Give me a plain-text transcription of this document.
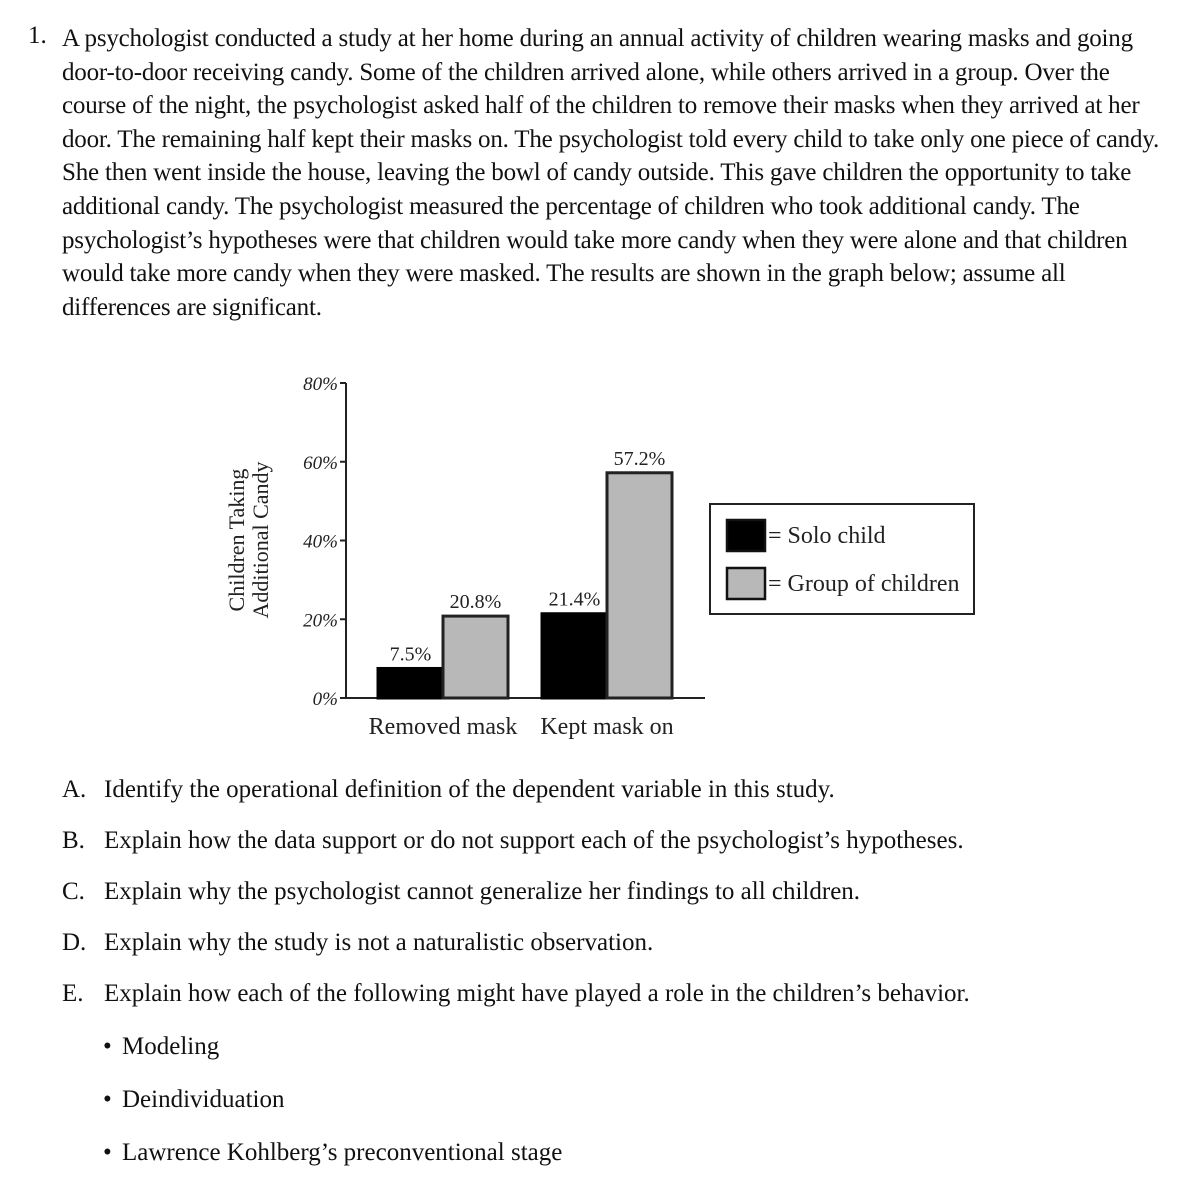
1. A psychologist conducted a study at her home during an annual activity of children wearing masks and going door-to-door receiving candy. Some of the children arrived alone, while others arrived in a group. Over the course of the night, the psychologist asked half of the children to remove their masks when they arrived at her door. The remaining half kept their masks on. The psychologist told every child to take only one piece of candy. She then went inside the house, leaving the bowl of candy outside. This gave children the opportunity to take additional candy. The psychologist measured the percentage of children who took additional candy. The psychologist’s hypotheses were that children would take more candy when they were alone and that children would take more candy when they were masked. The results are shown in the graph below; assume all differences are significant.

0%
20%
40%
60%
80%
Children Taking Additional Candy
7.5%
20.8%
Removed mask
21.4%
57.2%
Kept mask on
= Solo child
= Group of children
A. Identify the operational definition of the dependent variable in this study.
B. Explain how the data support or do not support each of the psychologist’s hypotheses.
C. Explain why the psychologist cannot generalize her findings to all children.
D. Explain why the study is not a naturalistic observation.
E. Explain how each of the following might have played a role in the children’s behavior.
• Modeling
• Deindividuation
• Lawrence Kohlberg’s preconventional stage
